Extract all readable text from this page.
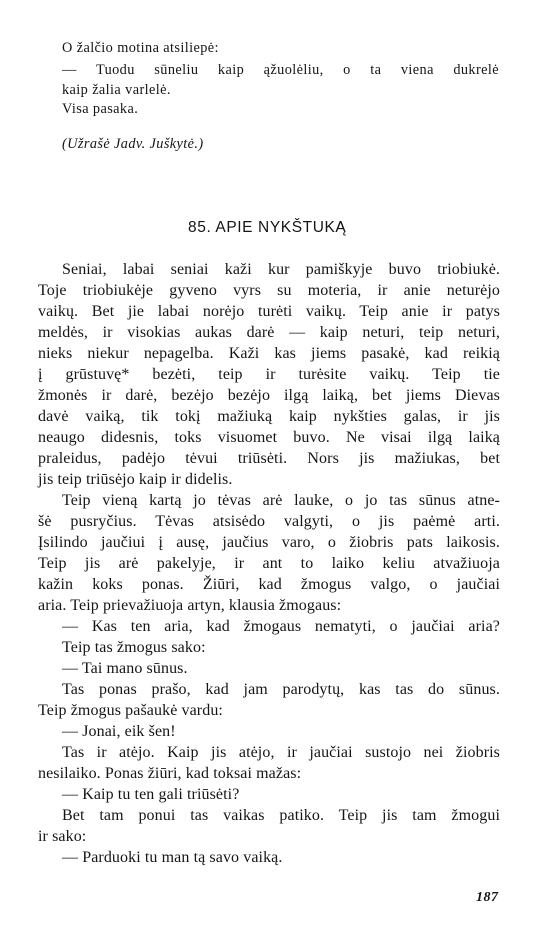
O žalčio motina atsiliepė:

— Tuodu sūneliu kaip ąžuolėliu, o ta viena dukrelė

kaip žalia varlelė.

Visa pasaka.

(Užrašė Jadv. Juškytė.)

85. APIE NYKŠTUKĄ

Seniai, labai seniai kaži kur pamiškyje buvo triobiukė.

Toje triobiukėje gyveno vyrs su moteria, ir anie neturėjo

vaikų. Bet jie labai norėjo turėti vaikų. Teip anie ir patys

meldės, ir visokias aukas darė — kaip neturi, teip neturi,

nieks niekur nepagelba. Kaži kas jiems pasakė, kad reikią

į grūstuvę* bezėti, teip ir turėsite vaikų. Teip tie

žmonės ir darė, bezėjo bezėjo ilgą laiką, bet jiems Dievas

davė vaiką, tik tokį mažiuką kaip nykšties galas, ir jis

neaugo didesnis, toks visuomet buvo. Ne visai ilgą laiką

praleidus, padėjo tėvui triūsėti. Nors jis mažiukas, bet

jis teip triūsėjo kaip ir didelis.

Teip vieną kartą jo tėvas arė lauke, o jo tas sūnus atne-

šė pusryčius. Tėvas atsisėdo valgyti, o jis paėmė arti.

Įsilindo jaučiui į ausę, jaučius varo, o žiobris pats laikosis.

Teip jis arė pakelyje, ir ant to laiko keliu atvažiuoja

kažin koks ponas. Žiūri, kad žmogus valgo, o jaučiai

aria. Teip prievažiuoja artyn, klausia žmogaus:

— Kas ten aria, kad žmogaus nematyti, o jaučiai aria?

Teip tas žmogus sako:

— Tai mano sūnus.

Tas ponas prašo, kad jam parodytų, kas tas do sūnus.

Teip žmogus pašaukė vardu:

— Jonai, eik šen!

Tas ir atėjo. Kaip jis atėjo, ir jaučiai sustojo nei žiobris

nesilaiko. Ponas žiūri, kad toksai mažas:

— Kaip tu ten gali triūsėti?

Bet tam ponui tas vaikas patiko. Teip jis tam žmogui

ir sako:

— Parduoki tu man tą savo vaiką.

187
